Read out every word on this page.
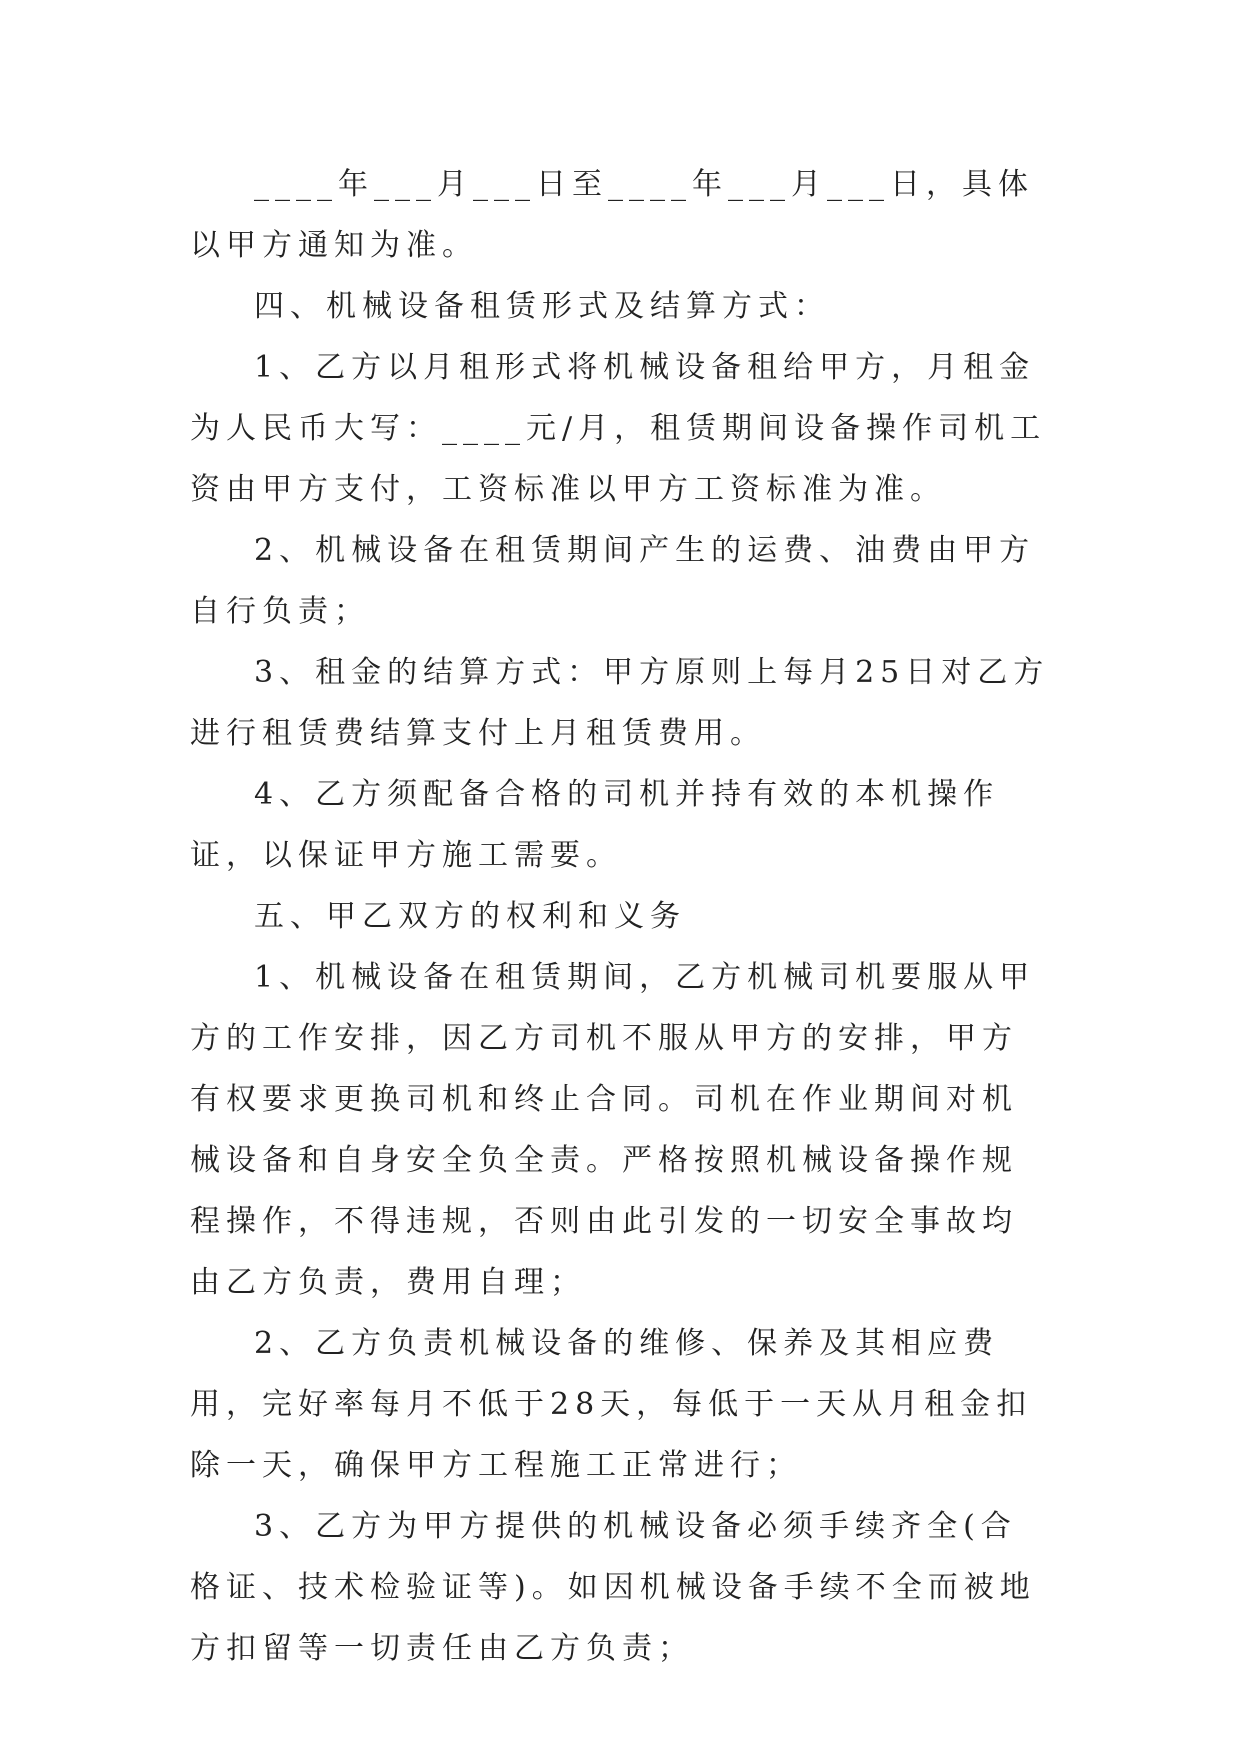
____年___月___日至____年___月___日，具体以甲方通知为准。

四、机械设备租赁形式及结算方式：

1、乙方以月租形式将机械设备租给甲方，月租金为人民币大写：____元/月，租赁期间设备操作司机工资由甲方支付，工资标准以甲方工资标准为准。

2、机械设备在租赁期间产生的运费、油费由甲方自行负责；

3、租金的结算方式：甲方原则上每月25日对乙方进行租赁费结算支付上月租赁费用。

4、乙方须配备合格的司机并持有效的本机操作证，以保证甲方施工需要。

五、甲乙双方的权利和义务

1、机械设备在租赁期间，乙方机械司机要服从甲方的工作安排，因乙方司机不服从甲方的安排，甲方有权要求更换司机和终止合同。司机在作业期间对机械设备和自身安全负全责。严格按照机械设备操作规程操作，不得违规，否则由此引发的一切安全事故均由乙方负责，费用自理；

2、乙方负责机械设备的维修、保养及其相应费用，完好率每月不低于28天，每低于一天从月租金扣除一天，确保甲方工程施工正常进行；

3、乙方为甲方提供的机械设备必须手续齐全(合格证、技术检验证等)。如因机械设备手续不全而被地方扣留等一切责任由乙方负责；
